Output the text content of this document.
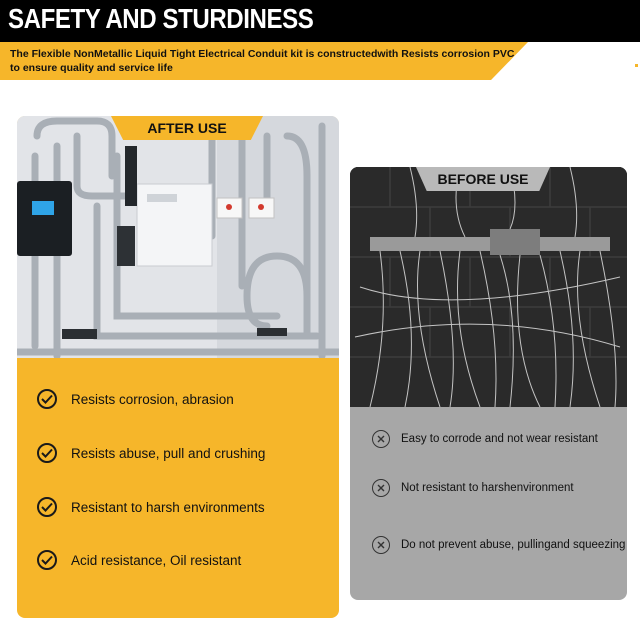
SAFETY AND STURDINESS
The Flexible NonMetallic Liquid Tight Electrical Conduit kit is constructedwith Resists corrosion PVC
to ensure quality and service life
AFTER USE
Resists corrosion, abrasion
Resists abuse, pull and crushing
Resistant to harsh environments
Acid resistance, Oil resistant
BEFORE USE
Easy to corrode and not wear resistant
Not resistant to harshenvironment
Do not prevent abuse, pullingand squeezing
